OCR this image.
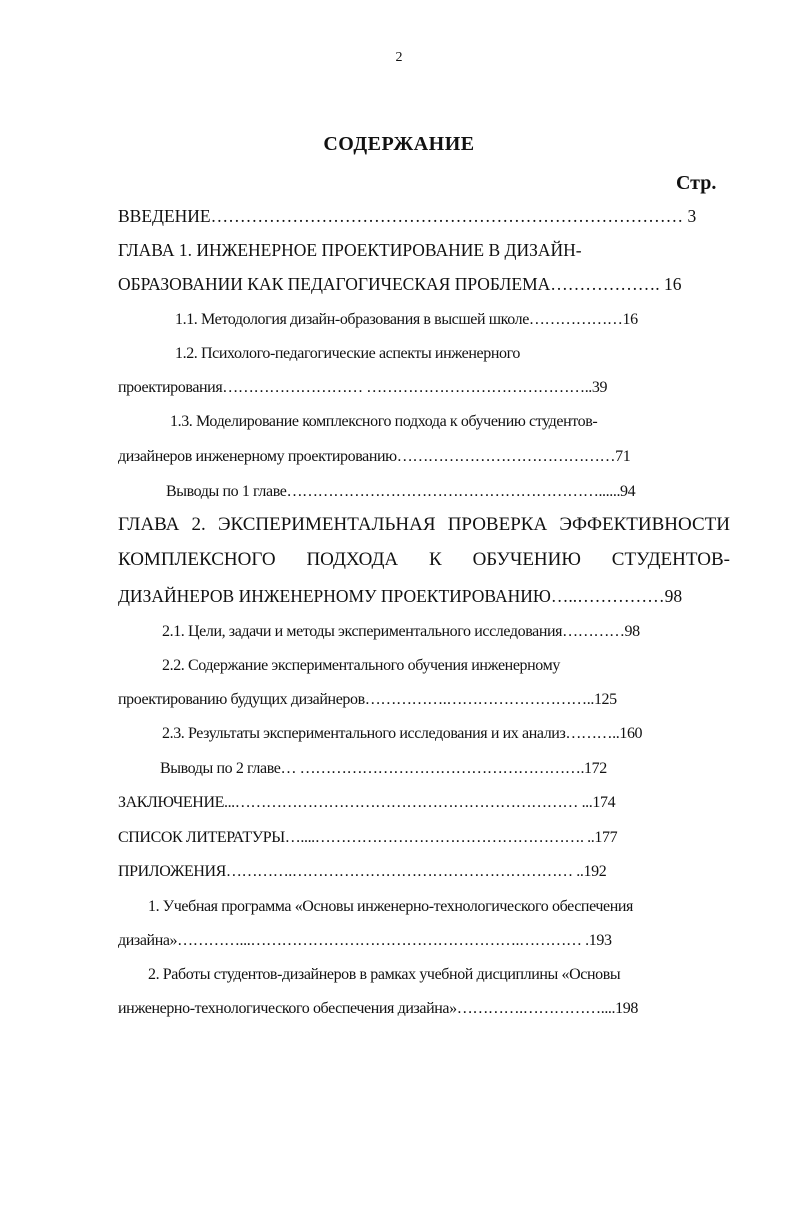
2
СОДЕРЖАНИЕ
Стр.
ВВЕДЕНИЕ……………………………………………………………………… 3
ГЛАВА 1. ИНЖЕНЕРНОЕ ПРОЕКТИРОВАНИЕ В ДИЗАЙН-
ОБРАЗОВАНИИ КАК ПЕДАГОГИЧЕСКАЯ ПРОБЛЕМА………………. 16
1.1. Методология дизайн-образования в высшей школе………………16
1.2. Психолого-педагогические аспекты инженерного
проектирования……………………… ……………………………………..39
1.3. Моделирование комплексного подхода к обучению студентов-
дизайнеров инженерному проектированию……………………………………71
Выводы по 1 главе……………………………………………………......94
ГЛАВА 2. ЭКСПЕРИМЕНТАЛЬНАЯ ПРОВЕРКА ЭФФЕКТИВНОСТИ
КОМПЛЕКСНОГО ПОДХОДА К ОБУЧЕНИЮ СТУДЕНТОВ-
ДИЗАЙНЕРОВ ИНЖЕНЕРНОМУ ПРОЕКТИРОВАНИЮ…..……………98
2.1. Цели, задачи и методы экспериментального исследования…………98
2.2. Содержание экспериментального обучения инженерному
проектированию будущих дизайнеров…………….………………………..125
2.3. Результаты экспериментального исследования и их анализ………..160
Выводы по 2 главе… ……………………………………………….172
ЗАКЛЮЧЕНИЕ...………………………………………………………… ...174
СПИСОК ЛИТЕРАТУРЫ…....……………………………………………. ..177
ПРИЛОЖЕНИЯ………….……………………………………………… ..192
1. Учебная программа «Основы инженерно-технологического обеспечения
дизайна»…………...…………………………………………….………… .193
2. Работы студентов-дизайнеров в рамках учебной дисциплины «Основы
инженерно-технологического обеспечения дизайна»………….……………....198
